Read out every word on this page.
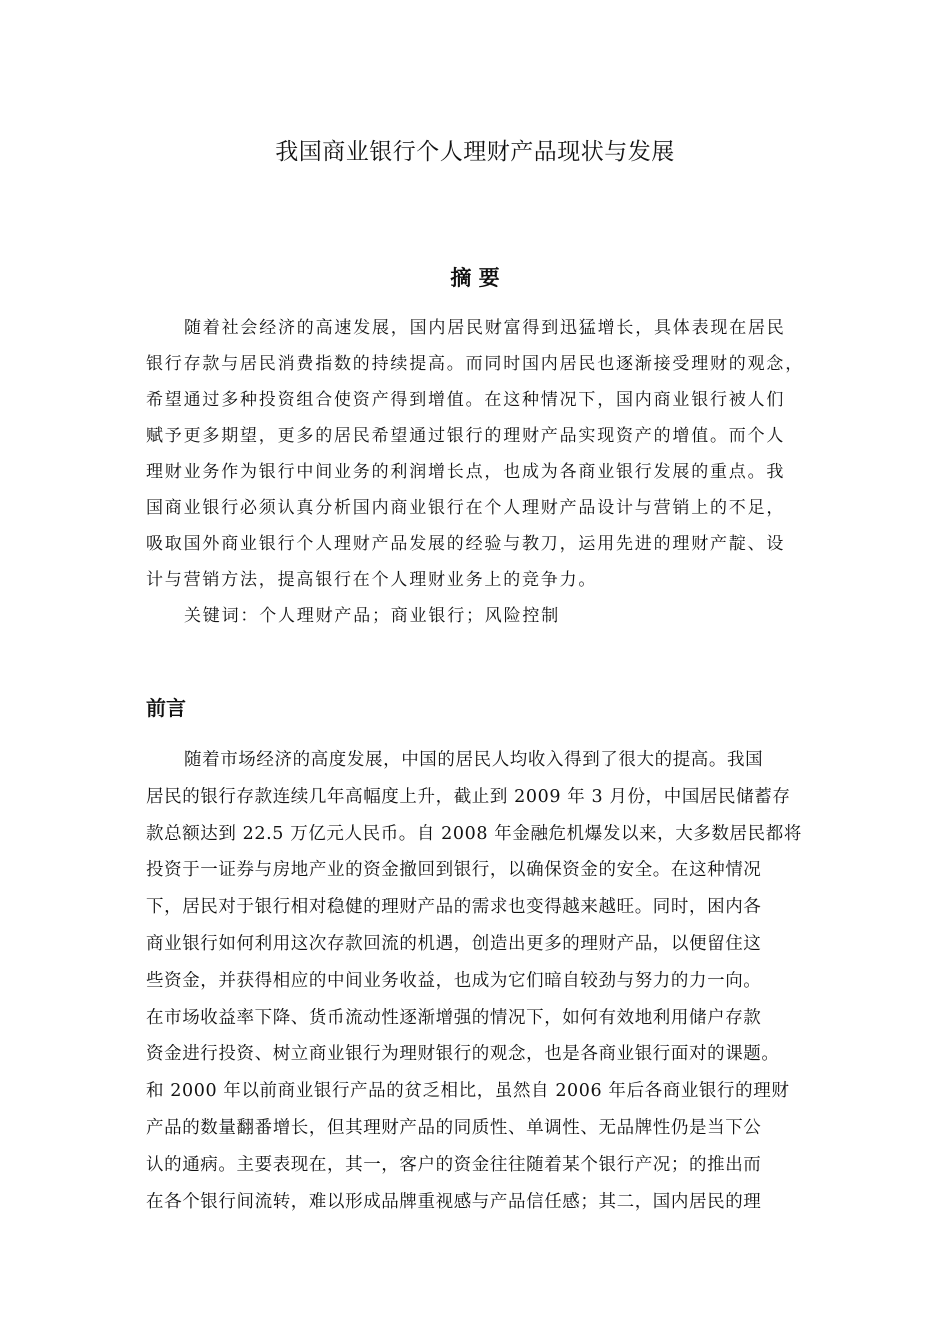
我国商业银行个人理财产品现状与发展
摘 要
随着社会经济的高速发展，国内居民财富得到迅猛增长，具体表现在居民
银行存款与居民消费指数的持续提高。而同时国内居民也逐渐接受理财的观念，
希望通过多种投资组合使资产得到增值。在这种情况下，国内商业银行被人们
赋予更多期望，更多的居民希望通过银行的理财产品实现资产的增值。而个人
理财业务作为银行中间业务的利润增长点，也成为各商业银行发展的重点。我
国商业银行必须认真分析国内商业银行在个人理财产品设计与营销上的不足，
吸取国外商业银行个人理财产品发展的经验与教刀，运用先进的理财产靛、设
计与营销方法，提高银行在个人理财业务上的竞争力。
关键词：个人理财产品；商业银行；风险控制
前言
随着市场经济的高度发展，中国的居民人均收入得到了很大的提高。我国
居民的银行存款连续几年高幅度上升，截止到 2009 年 3 月份，中国居民储蓄存
款总额达到 22.5 万亿元人民币。自 2008 年金融危机爆发以来，大多数居民都将
投资于一证券与房地产业的资金撤回到银行，以确保资金的安全。在这种情况
下，居民对于银行相对稳健的理财产品的需求也变得越来越旺。同时，困内各
商业银行如何利用这次存款回流的机遇，创造出更多的理财产品，以便留住这
些资金，并获得相应的中间业务收益，也成为它们暗自较劲与努力的力一向。
在市场收益率下降、货币流动性逐渐增强的情况下，如何有效地利用储户存款
资金进行投资、树立商业银行为理财银行的观念，也是各商业银行面对的课题。
和 2000 年以前商业银行产品的贫乏相比，虽然自 2006 年后各商业银行的理财
产品的数量翻番增长，但其理财产品的同质性、单调性、无品牌性仍是当下公
认的通病。主要表现在，其一，客户的资金往往随着某个银行产况；的推出而
在各个银行间流转，难以形成品牌重视感与产品信任感；其二，国内居民的理
